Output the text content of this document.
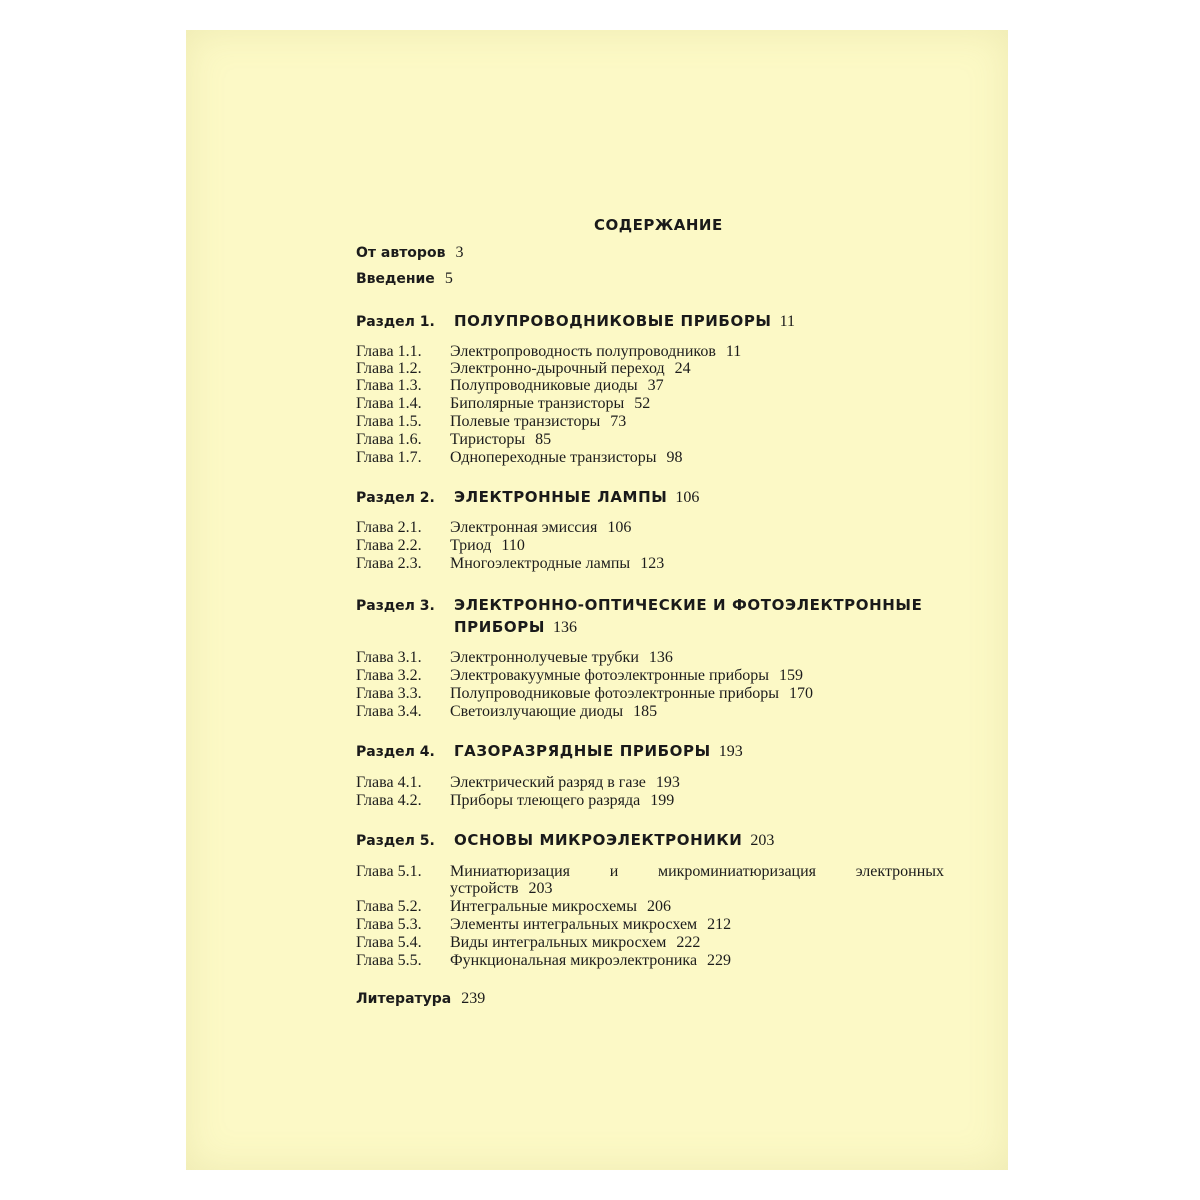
СОДЕРЖАНИЕ
От авторов 3
Введение 5
Раздел 1. ПОЛУПРОВОДНИКОВЫЕ ПРИБОРЫ 11
Глава 1.1. Электропроводность полупроводников 11
Глава 1.2. Электронно-дырочный переход 24
Глава 1.3. Полупроводниковые диоды 37
Глава 1.4. Биполярные транзисторы 52
Глава 1.5. Полевые транзисторы 73
Глава 1.6. Тиристоры 85
Глава 1.7. Однопереходные транзисторы 98
Раздел 2. ЭЛЕКТРОННЫЕ ЛАМПЫ 106
Глава 2.1. Электронная эмиссия 106
Глава 2.2. Триод 110
Глава 2.3. Многоэлектродные лампы 123
Раздел 3. ЭЛЕКТРОННО-ОПТИЧЕСКИЕ И ФОТОЭЛЕКТРОННЫЕ
ПРИБОРЫ 136
Глава 3.1. Электроннолучевые трубки 136
Глава 3.2. Электровакуумные фотоэлектронные приборы 159
Глава 3.3. Полупроводниковые фотоэлектронные приборы 170
Глава 3.4. Светоизлучающие диоды 185
Раздел 4. ГАЗОРАЗРЯДНЫЕ ПРИБОРЫ 193
Глава 4.1. Электрический разряд в газе 193
Глава 4.2. Приборы тлеющего разряда 199
Раздел 5. ОСНОВЫ МИКРОЭЛЕКТРОНИКИ 203
Глава 5.1. Миниатюризация и микроминиатюризация электронных
устройств 203
Глава 5.2. Интегральные микросхемы 206
Глава 5.3. Элементы интегральных микросхем 212
Глава 5.4. Виды интегральных микросхем 222
Глава 5.5. Функциональная микроэлектроника 229
Литература 239
